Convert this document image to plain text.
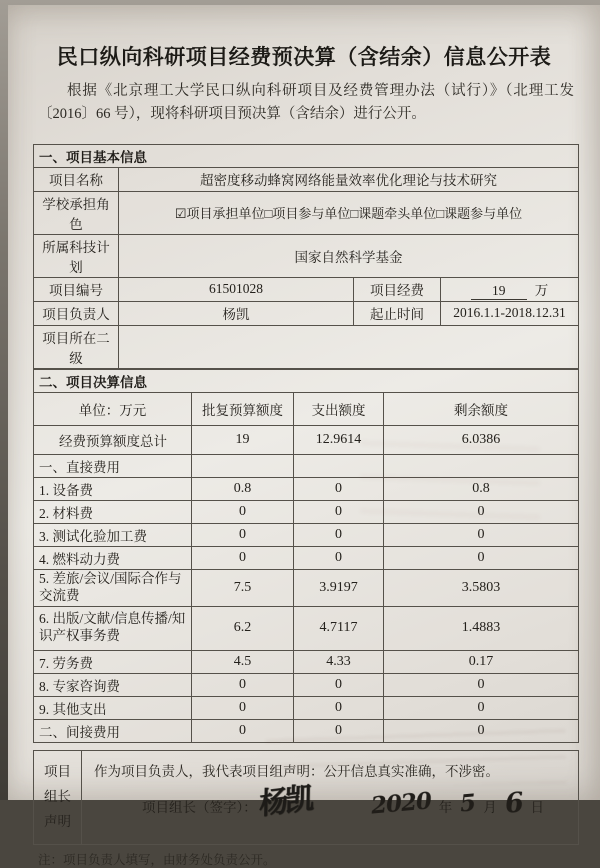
民口纵向科研项目经费预决算（含结余）信息公开表
根据《北京理工大学民口纵向科研项目及经费管理办法（试行）》（北理工发〔2016〕66 号），现将科研项目预决算（含结余）进行公开。
一、项目基本信息			
项目名称	超密度移动蜂窝网络能量效率优化理论与技术研究		
学校承担角色	☑项目承担单位□项目参与单位□课题牵头单位□课题参与单位		
所属科技计划	国家自然科学基金		
项目编号	61501028	项目经费	19 万
项目负责人	杨凯	起止时间	2016.1.1-2018.12.31
项目所在二级			
二、项目决算信息			
单位：万元	批复预算额度	支出额度	剩余额度
经费预算额度总计	19	12.9614	6.0386
一、直接费用			
1. 设备费	0.8	0	0.8
2. 材料费	0	0	0
3. 测试化验加工费	0	0	0
4. 燃料动力费	0	0	0
5. 差旅/会议/国际合作与交流费	7.5	3.9197	3.5803
6. 出版/文献/信息传播/知识产权事务费	6.2	4.7117	1.4883
7. 劳务费	4.5	4.33	0.17
8. 专家咨询费	0	0	0
9. 其他支出	0	0	0
二、间接费用	0	0	0
项目
组长
声明

作为项目负责人，我代表项目组声明：公开信息真实准确，不涉密。
项目组长（签字）： 杨凯	2020 年 5 月 6 日
注：项目负责人填写，由财务处负责公开。
